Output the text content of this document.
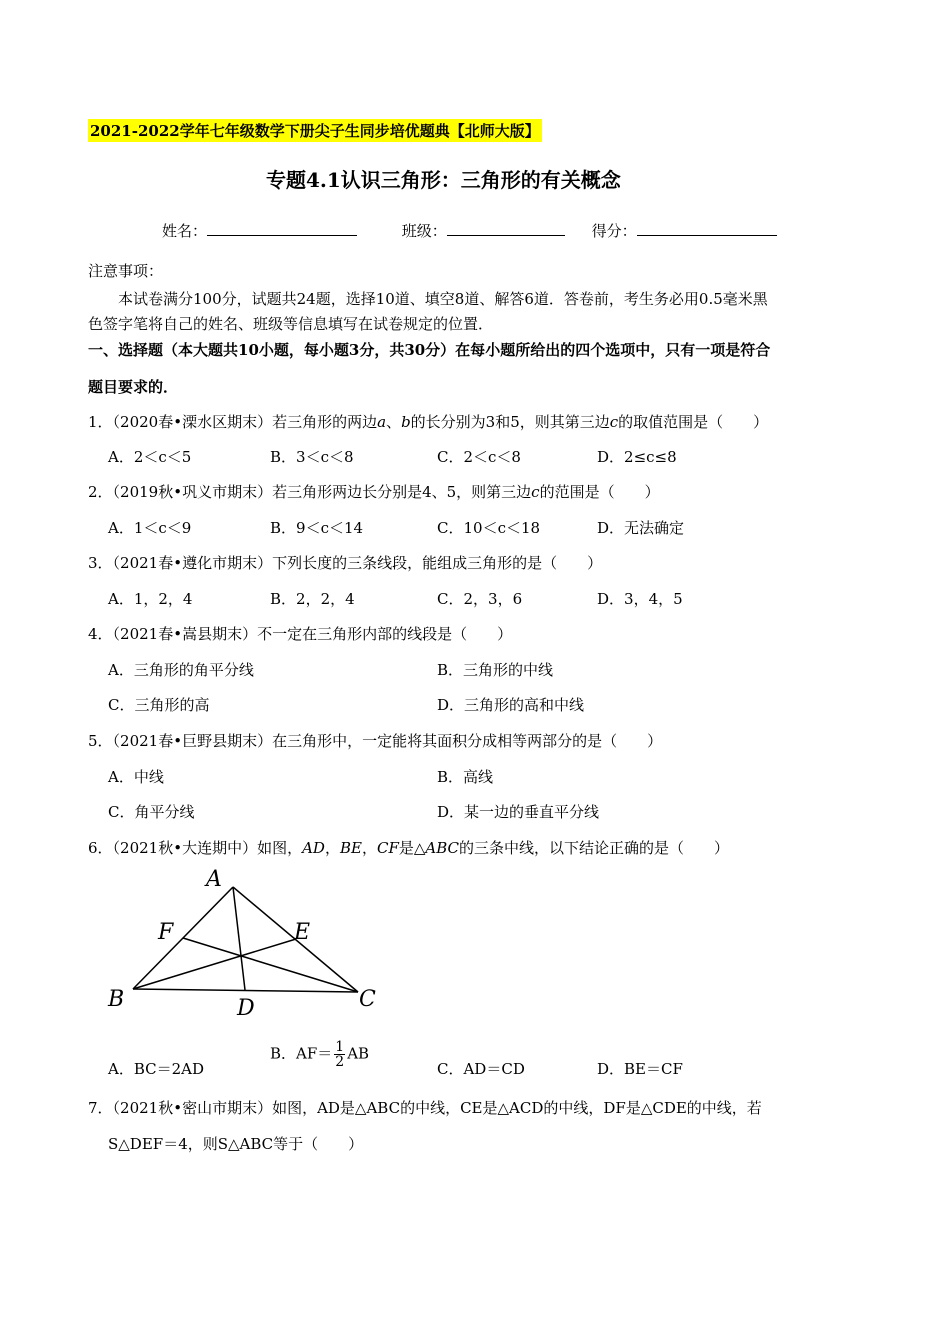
2021-2022学年七年级数学下册尖子生同步培优题典【北师大版】
专题4.1认识三角形：三角形的有关概念
姓名：	班级：	得分：
注意事项：
本试卷满分100分，试题共24题，选择10道、填空8道、解答6道．答卷前，考生务必用0.5毫米黑
色签字笔将自己的姓名、班级等信息填写在试卷规定的位置．
一、选择题（本大题共10小题，每小题3分，共30分）在每小题所给出的四个选项中，只有一项是符合
题目要求的．
1．（2020春•溧水区期末）若三角形的两边a、b的长分别为3和5，则其第三边c的取值范围是（　　）
A．2＜c＜5	B．3＜c＜8	C．2＜c＜8	D．2≤c≤8
2．（2019秋•巩义市期末）若三角形两边长分别是4、5，则第三边c的范围是（　　）
A．1＜c＜9	B．9＜c＜14	C．10＜c＜18	D．无法确定
3．（2021春•遵化市期末）下列长度的三条线段，能组成三角形的是（　　）
A．1，2，4	B．2，2，4	C．2，3，6	D．3，4，5
4．（2021春•嵩县期末）不一定在三角形内部的线段是（　　）
A．三角形的角平分线	B．三角形的中线
C．三角形的高	D．三角形的高和中线
5．（2021春•巨野县期末）在三角形中，一定能将其面积分成相等两部分的是（　　）
A．中线	B．高线
C．角平分线	D．某一边的垂直平分线
6．（2021秋•大连期中）如图，AD，BE，CF是△ABC的三条中线，以下结论正确的是（　　）
A
F	E
B	D	C
A．BC＝2AD
B．$AF= \frac{1}{2}$ AB
C．AD＝CD	D．BE＝CF
7．（2021秋•密山市期末）如图，AD是△ABC的中线，CE是△ACD的中线，DF是△CDE的中线，若
S△DEF＝4，则S△ABC等于（　　）
